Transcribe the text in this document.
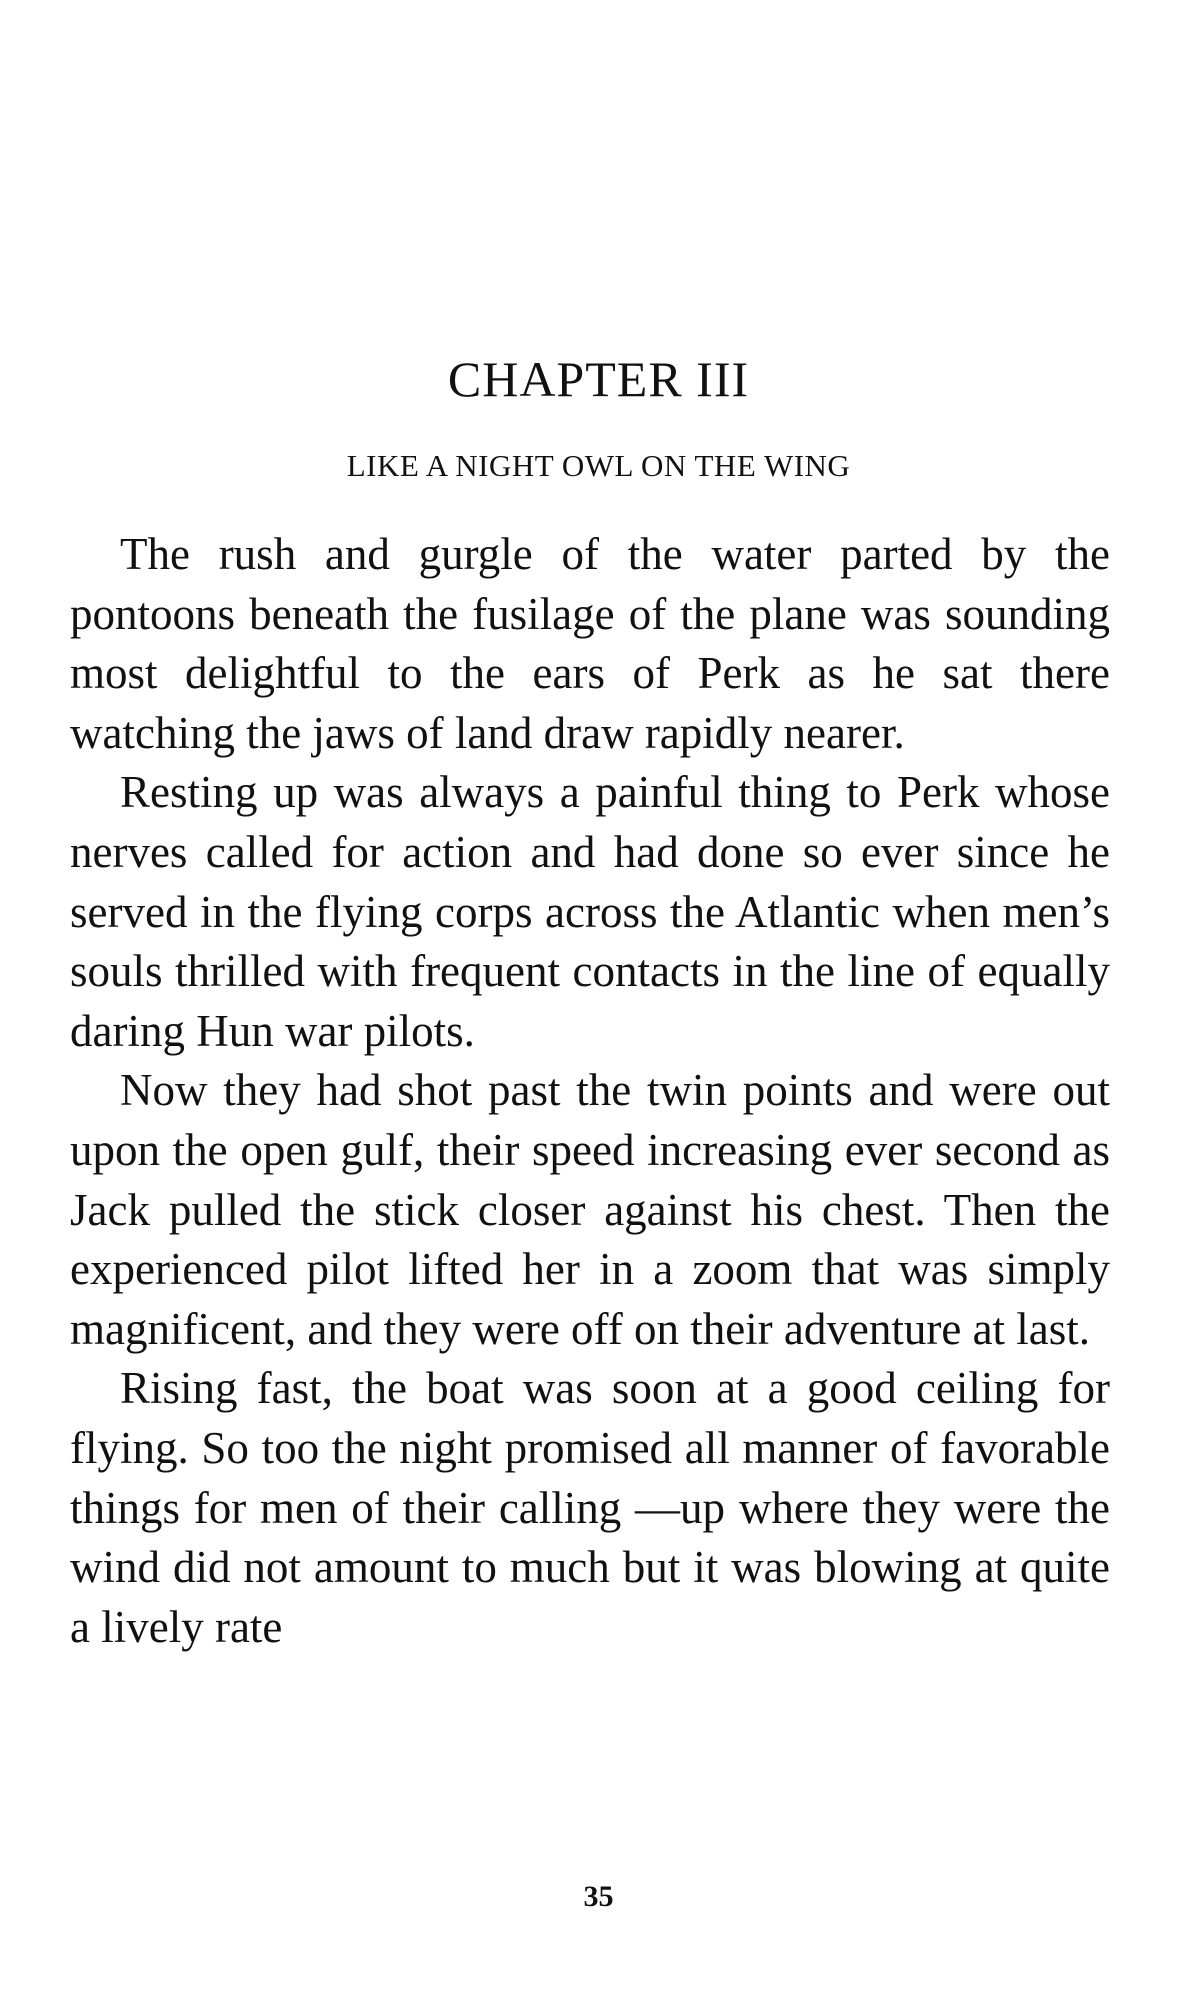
CHAPTER III
LIKE A NIGHT OWL ON THE WING

The rush and gurgle of the water parted by the pontoons beneath the fusilage of the plane was sounding most delightful to the ears of Perk as he sat there watching the jaws of land draw rapidly nearer.

Resting up was always a painful thing to Perk whose nerves called for action and had done so ever since he served in the flying corps across the Atlantic when men’s souls thrilled with frequent contacts in the line of equally daring Hun war pilots.

Now they had shot past the twin points and were out upon the open gulf, their speed increasing ever second as Jack pulled the stick closer against his chest. Then the experienced pilot lifted her in a zoom that was simply magnificent, and they were off on their adventure at last.

Rising fast, the boat was soon at a good ceiling for flying. So too the night promised all manner of favorable things for men of their calling —up where they were the wind did not amount to much but it was blowing at quite a lively rate

35
